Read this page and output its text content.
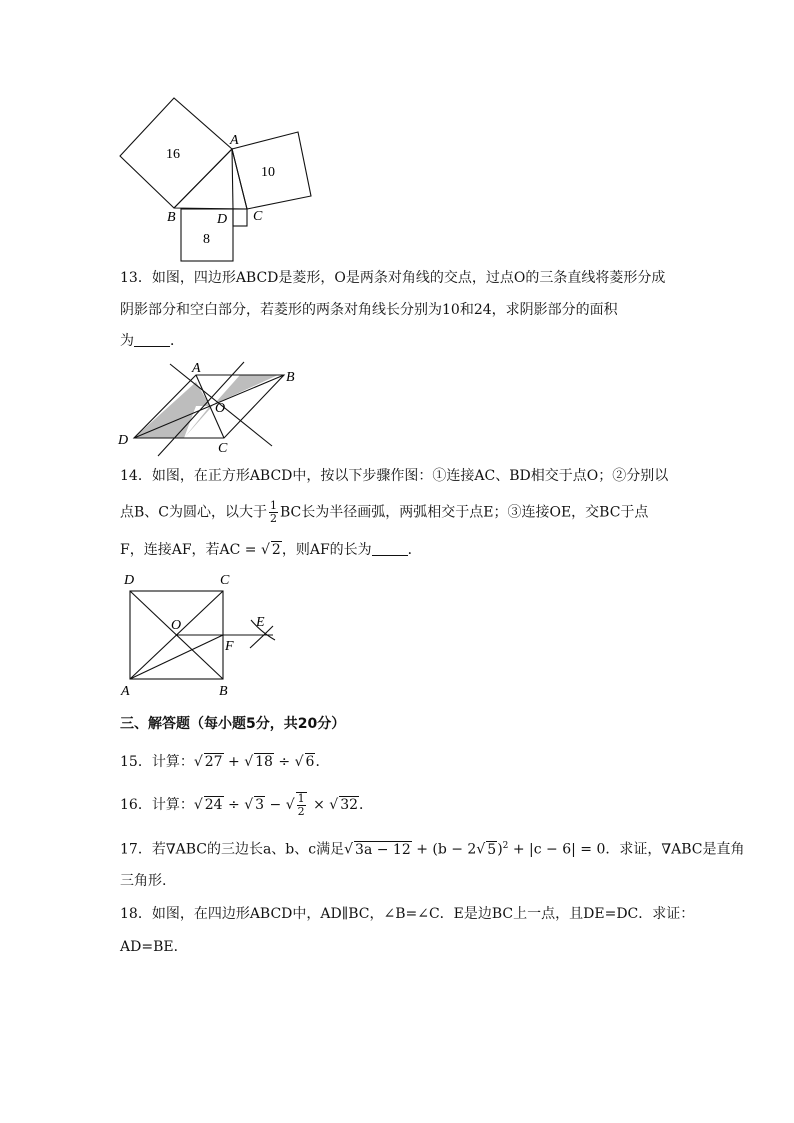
16
10
8
A
B	D C
13．如图，四边形ABCD是菱形，O是两条对角线的交点，过点O的三条直线将菱形分成
阴影部分和空白部分，若菱形的两条对角线长分别为10和24，求阴影部分的面积
为	．
A
B
C
D
O
14．如图，在正方形ABCD中，按以下步骤作图：①连接AC、BD相交于点O；②分别以
点B、C为圆心，以大于 $\frac{1}{2}$ BC长为半径画弧，两弧相交于点E；③连接OE，交BC于点
F，连接AF，若AC = √ 2，则AF的长为	．
D	C
A	B
O
F
E
三、解答题（每小题5分，共20分）
15．计算：√ 27 + √ 18 ÷ √ 6．
16．计算：√ 24 ÷ √ 3 − √ $\frac{1}{2}$ × √ 32．
17．若∇ABC的三边长a、b、c满足√ 3a − 12 + (b − 2√ 5)$^2$ + |c − 6| = 0．求证，∇ABC是直角
三角形.
18．如图，在四边形ABCD中，AD∥BC，∠B=∠C．E是边BC上一点，且DE=DC．求证：
AD=BE．
